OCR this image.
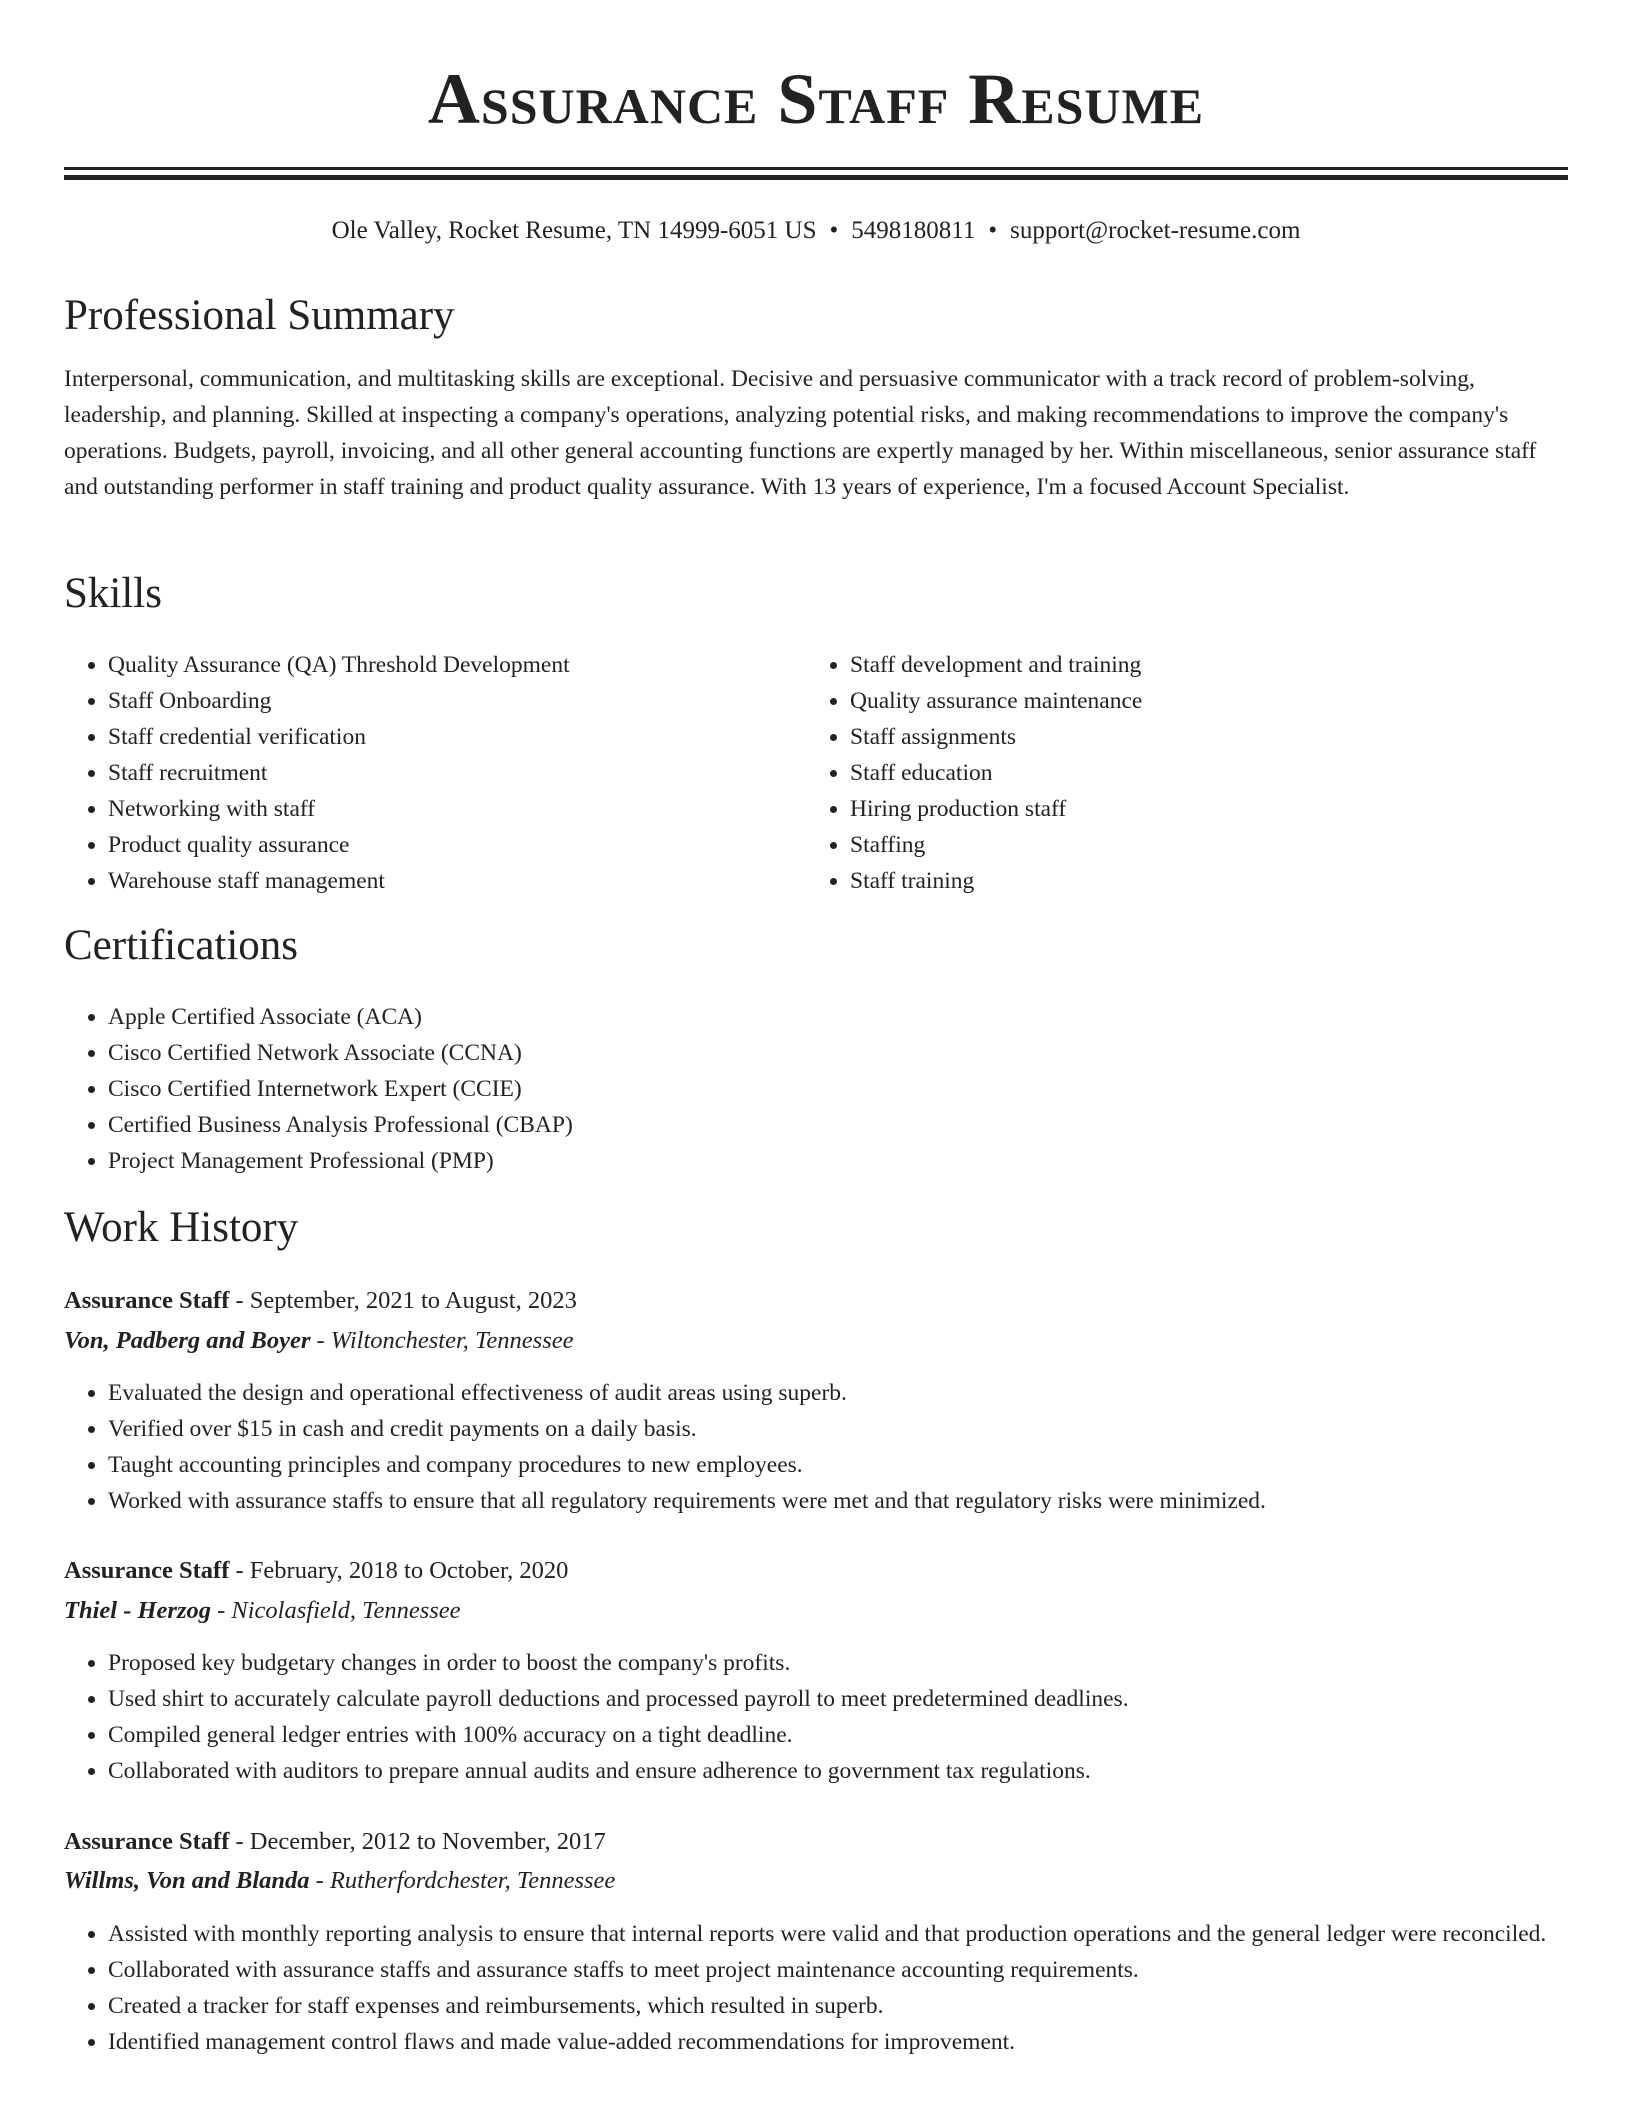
Assurance Staff Resume
Ole Valley, Rocket Resume, TN 14999-6051 US • 5498180811 • support@rocket-resume.com
Professional Summary

Interpersonal, communication, and multitasking skills are exceptional. Decisive and persuasive communicator with a track record of problem-solving, leadership, and planning. Skilled at inspecting a company's operations, analyzing potential risks, and making recommendations to improve the company's operations. Budgets, payroll, invoicing, and all other general accounting functions are expertly managed by her. Within miscellaneous, senior assurance staff and outstanding performer in staff training and product quality assurance. With 13 years of experience, I'm a focused Account Specialist.

Skills
• Quality Assurance (QA) Threshold Development
• Staff Onboarding
• Staff credential verification
• Staff recruitment
• Networking with staff
• Product quality assurance
• Warehouse staff management
• Staff development and training
• Quality assurance maintenance
• Staff assignments
• Staff education
• Hiring production staff
• Staffing
• Staff training
Certifications
• Apple Certified Associate (ACA)
• Cisco Certified Network Associate (CCNA)
• Cisco Certified Internetwork Expert (CCIE)
• Certified Business Analysis Professional (CBAP)
• Project Management Professional (PMP)
Work History
Assurance Staff - September, 2021 to August, 2023
Von, Padberg and Boyer - Wiltonchester, Tennessee
• Evaluated the design and operational effectiveness of audit areas using superb.
• Verified over $15 in cash and credit payments on a daily basis.
• Taught accounting principles and company procedures to new employees.
• Worked with assurance staffs to ensure that all regulatory requirements were met and that regulatory risks were minimized.
Assurance Staff - February, 2018 to October, 2020
Thiel - Herzog - Nicolasfield, Tennessee
• Proposed key budgetary changes in order to boost the company's profits.
• Used shirt to accurately calculate payroll deductions and processed payroll to meet predetermined deadlines.
• Compiled general ledger entries with 100% accuracy on a tight deadline.
• Collaborated with auditors to prepare annual audits and ensure adherence to government tax regulations.
Assurance Staff - December, 2012 to November, 2017
Willms, Von and Blanda - Rutherfordchester, Tennessee
• Assisted with monthly reporting analysis to ensure that internal reports were valid and that production operations and the general ledger were reconciled.
• Collaborated with assurance staffs and assurance staffs to meet project maintenance accounting requirements.
• Created a tracker for staff expenses and reimbursements, which resulted in superb.
• Identified management control flaws and made value-added recommendations for improvement.
